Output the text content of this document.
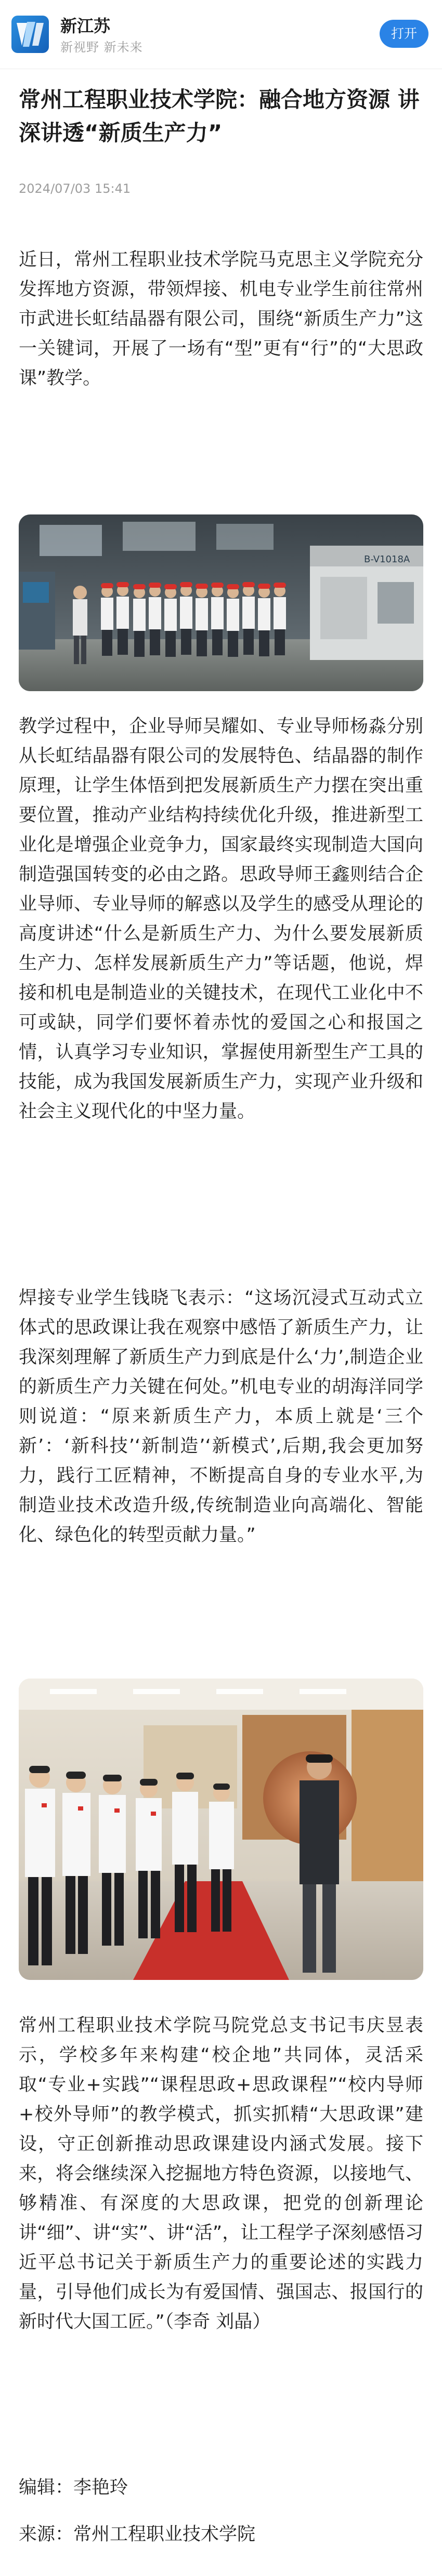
新江苏
新视野 新未来
打开
常州工程职业技术学院：融合地方资源 讲深讲透“新质生产力”
2024/07/03 15:41

近日，常州工程职业技术学院马克思主义学院充分发挥地方资源，带领焊接、机电专业学生前往常州市武进长虹结晶器有限公司，围绕“新质生产力”这一关键词，开展了一场有“型”更有“行”的“大思政课”教学。

B-V1018A

教学过程中，企业导师吴耀如、专业导师杨淼分别从长虹结晶器有限公司的发展特色、结晶器的制作原理，让学生体悟到把发展新质生产力摆在突出重要位置，推动产业结构持续优化升级，推进新型工业化是增强企业竞争力，国家最终实现制造大国向制造强国转变的必由之路。思政导师王鑫则结合企业导师、专业导师的解惑以及学生的感受从理论的高度讲述“什么是新质生产力、为什么要发展新质生产力、怎样发展新质生产力”等话题，他说，焊接和机电是制造业的关键技术，在现代工业化中不可或缺，同学们要怀着赤忱的爱国之心和报国之情，认真学习专业知识，掌握使用新型生产工具的技能，成为我国发展新质生产力，实现产业升级和社会主义现代化的中坚力量。

焊接专业学生钱晓飞表示：“这场沉浸式互动式立体式的思政课让我在观察中感悟了新质生产力，让我深刻理解了新质生产力到底是什么‘力’,制造企业的新质生产力关键在何处。”机电专业的胡海洋同学则说道：“原来新质生产力，本质上就是‘三个新’：‘新科技’‘新制造’‘新模式’,后期,我会更加努力，践行工匠精神，不断提高自身的专业水平,为制造业技术改造升级,传统制造业向高端化、智能化、绿色化的转型贡献力量。”

常州工程职业技术学院马院党总支书记韦庆昱表示，学校多年来构建“校企地”共同体，灵活采取“专业+实践”“课程思政+思政课程”“校内导师+校外导师”的教学模式，抓实抓精“大思政课”建设，守正创新推动思政课建设内涵式发展。接下来，将会继续深入挖掘地方特色资源，以接地气、够精准、有深度的大思政课，把党的创新理论讲“细”、讲“实”、讲“活”，让工程学子深刻感悟习近平总书记关于新质生产力的重要论述的实践力量，引导他们成长为有爱国情、强国志、报国行的新时代大国工匠。”（李奇 刘晶）

编辑：李艳玲
来源：常州工程职业技术学院
